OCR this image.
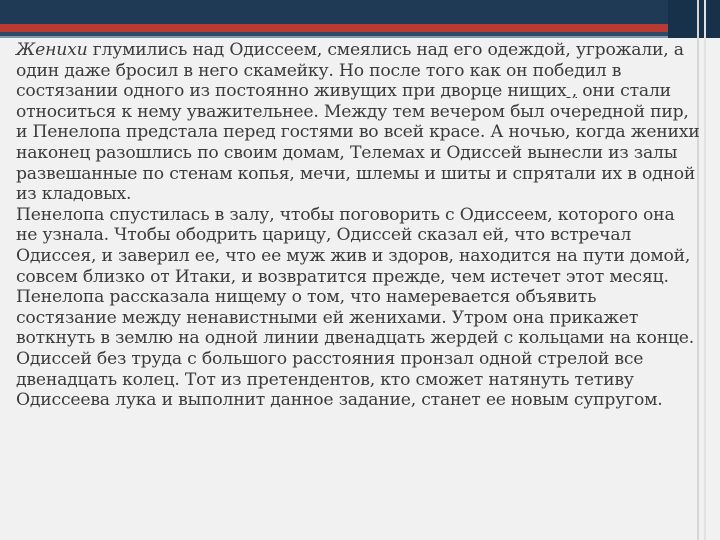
Женихи глумились над Одиссеем, смеялись над его одеждой, угрожали, а один даже бросил в него скамейку. Но после того как он победил в состязании одного из постоянно живущих при дворце нищих , они стали относиться к нему уважительнее. Между тем вечером был очередной пир, и Пенелопа предстала перед гостями во всей красе. А ночью, когда женихи наконец разошлись по своим домам, Телемах и Одиссей вынесли из залы развешанные по стенам копья, мечи, шлемы и шиты и спрятали их в одной из кладовых.

Пенелопа спустилась в залу, чтобы поговорить с Одиссеем, которого она не узнала. Чтобы ободрить царицу, Одиссей сказал ей, что встречал Одиссея, и заверил ее, что ее муж жив и здоров, находится на пути домой, совсем близко от Итаки, и возвратится прежде, чем истечет этот месяц.

Пенелопа рассказала нищему о том, что намеревается объявить состязание между ненавистными ей женихами. Утром она прикажет воткнуть в землю на одной линии двенадцать жердей с кольцами на конце. Одиссей без труда с большого расстояния пронзал одной стрелой все двенадцать колец. Тот из претендентов, кто сможет натянуть тетиву Одиссеева лука и выполнит данное задание, станет ее новым супругом.
